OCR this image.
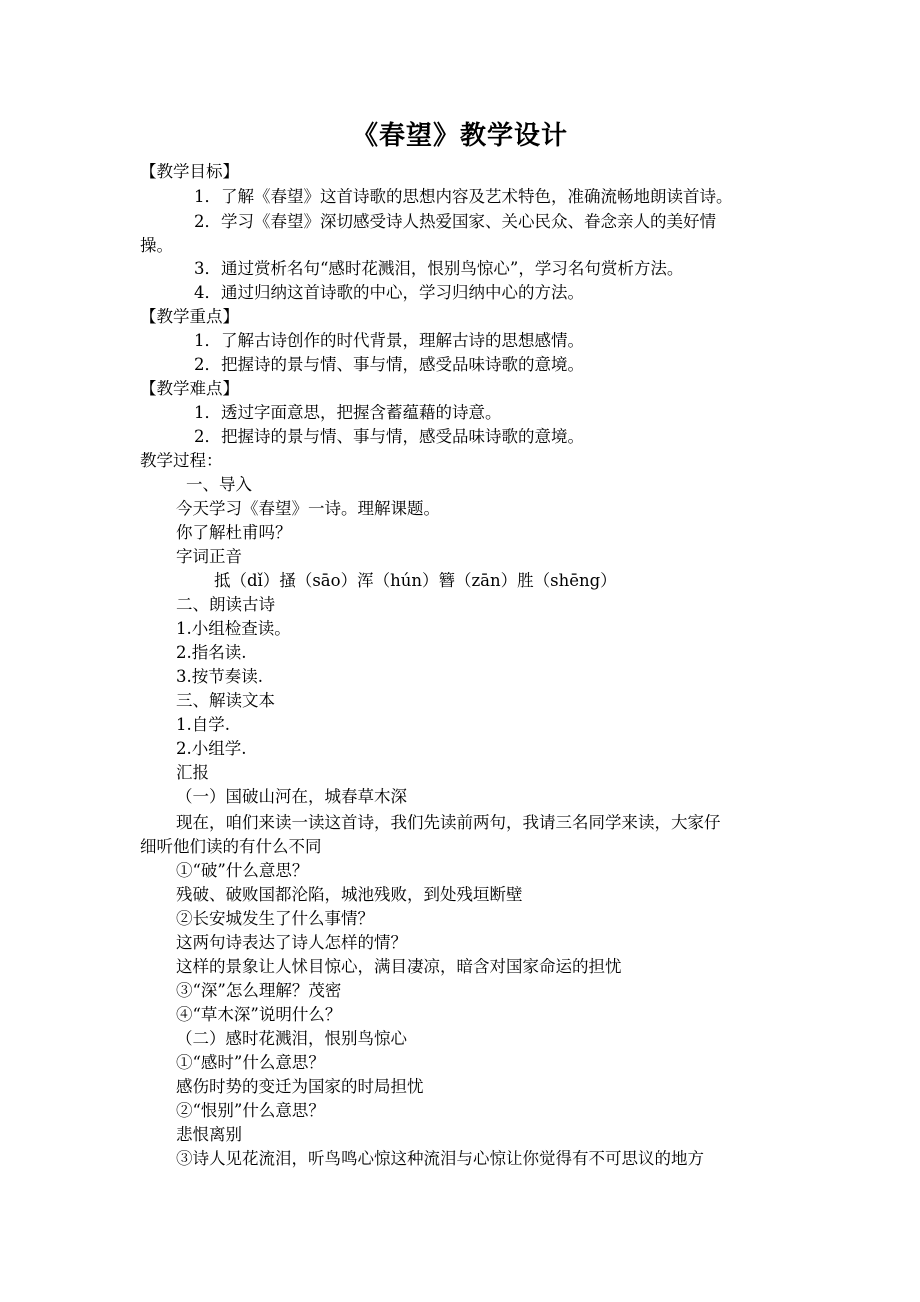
《春望》教学设计
【教学目标】
1．了解《春望》这首诗歌的思想内容及艺术特色，准确流畅地朗读首诗。
2．学习《春望》深切感受诗人热爱国家、关心民众、眷念亲人的美好情
操。
3．通过赏析名句“感时花溅泪，恨别鸟惊心”，学习名句赏析方法。
4．通过归纳这首诗歌的中心，学习归纳中心的方法。
【教学重点】
1．了解古诗创作的时代背景，理解古诗的思想感情。
2．把握诗的景与情、事与情，感受品味诗歌的意境。
【教学难点】
1．透过字面意思，把握含蓄蕴藉的诗意。
2．把握诗的景与情、事与情，感受品味诗歌的意境。
教学过程：
一、导入
今天学习《春望》一诗。理解课题。
你了解杜甫吗？
字词正音
抵（dǐ）搔（sāo）浑（hún）簪（zān）胜（shēng）
二、朗读古诗
1.小组检查读。
2.指名读.
3.按节奏读.
三、解读文本
1.自学.
2.小组学.
汇报
（一）国破山河在，城春草木深
现在，咱们来读一读这首诗，我们先读前两句，我请三名同学来读，大家仔
细听他们读的有什么不同
①“破”什么意思？
残破、破败国都沦陷，城池残败，到处残垣断壁
②长安城发生了什么事情？
这两句诗表达了诗人怎样的情？
这样的景象让人怵目惊心，满目凄凉，暗含对国家命运的担忧
③“深”怎么理解？茂密
④“草木深”说明什么？
（二）感时花溅泪，恨别鸟惊心
①“感时”什么意思？
感伤时势的变迁为国家的时局担忧
②“恨别”什么意思？
悲恨离别
③诗人见花流泪，听鸟鸣心惊这种流泪与心惊让你觉得有不可思议的地方
